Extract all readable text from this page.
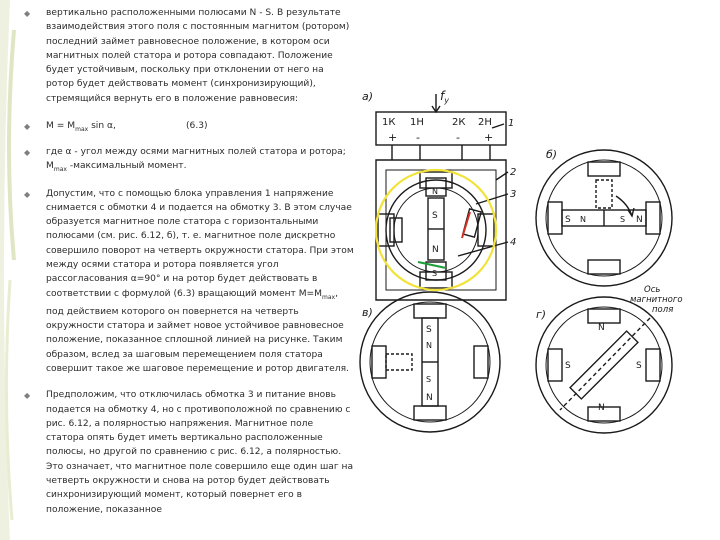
◆ вертикально расположенными полюсами N - S. В результате взаимодействия этого поля с постоянным магнитом (ротором) последний займет равновесное положение, в котором оси магнитных полей статора и ротора совпадают. Положение будет устойчивым, поскольку при отклонении от него на ротор будет действовать момент (синхронизирующий), стремящийся вернуть его в положение равновесия:

◆ $M = M_{max}$ sin α,	(6.3)

◆ где α - угол между осями магнитных полей статора и ротора; $M_{max}$ -максимальный момент.

◆ Допустим, что с помощью блока управления 1 напряжение снимается с обмотки 4 и подается на обмотку 3. В этом случае образуется магнитное поле статора с горизонтальными полюсами (см. рис. 6.12, б), т. е. магнитное поле дискретно совершило поворот на четверть окружности статора. При этом между осями статора и ротора появляется угол рассогласования α=90° и на ротор будет действовать в соответствии с формулой (6.3) вращающий момент $M=M_{max}$, под действием которого он повернется на четверть окружности статора и займет новое устойчивое равновесное положение, показанное сплошной линией на рисунке. Таким образом, вслед за шаговым перемещением поля статора совершит такое же шаговое перемещение и ротор двигателя.

◆ Предположим, что отключилась обмотка 3 и питание вновь подается на обмотку 4, но с противоположной по сравнению с рис. 6.12, а полярностью напряжения. Магнитное поле статора опять будет иметь вертикально расположенные полюсы, но другой по сравнению с рис. 6.12, а полярностью. Это означает, что магнитное поле совершило еще один шаг на четверть окружности и снова на ротор будет действовать синхронизирующий момент, который повернет его в положение, показанное

а)	$f_у$
1К 1Н	2К 2Н
+ -	- +
1
2
3
4
S
N
N
S
б)
S	N
N	S
в)
S
N
N
S
г)
Ось
магнитного
поля
N
N
S	S
